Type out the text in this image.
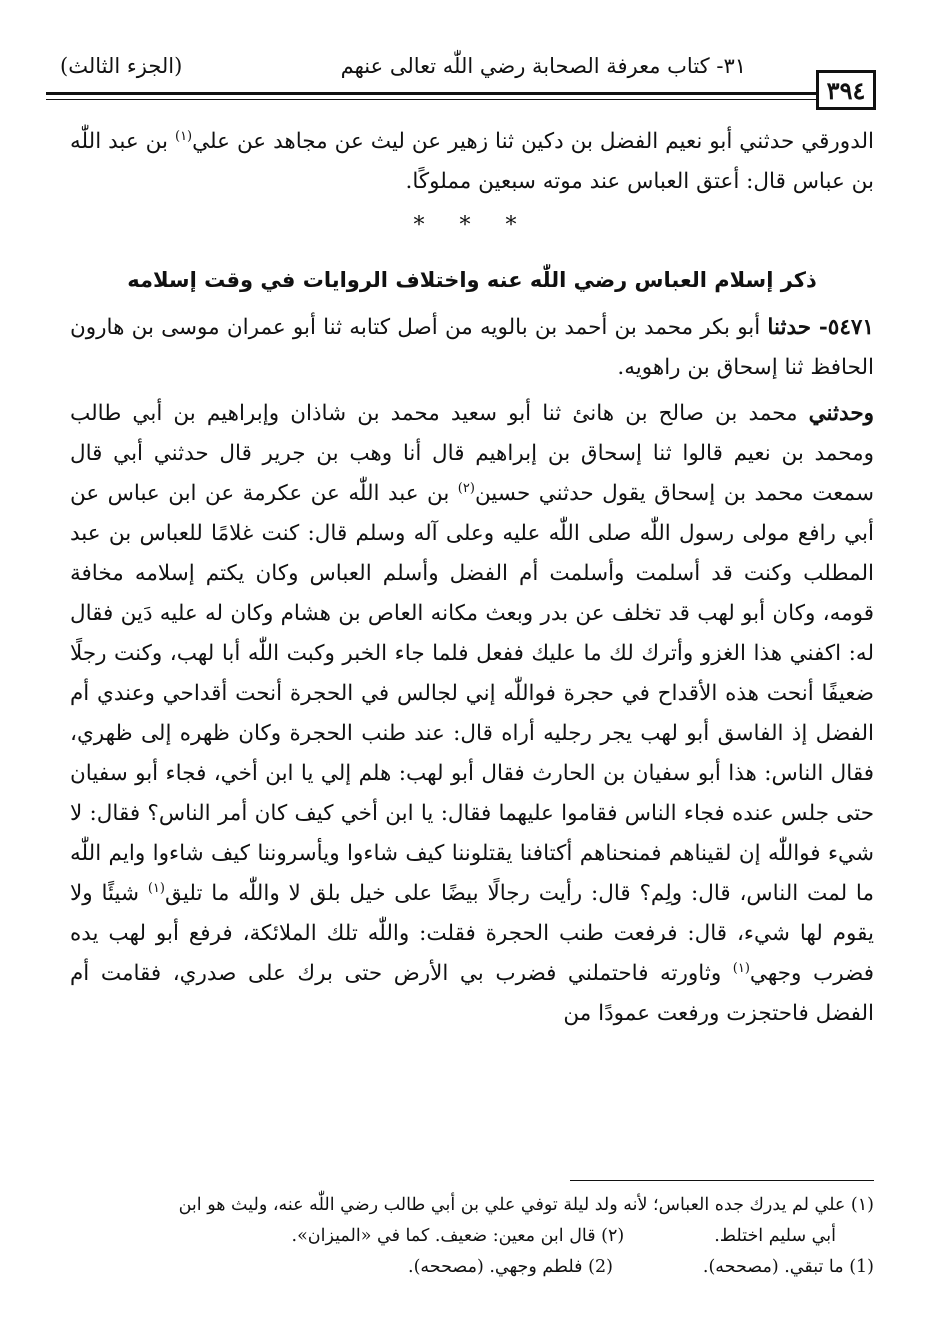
٣٩٤
٣١- كتاب معرفة الصحابة رضي اللّٰه تعالى عنهم
(الجزء الثالث)

الدورقي حدثني أبو نعيم الفضل بن دكين ثنا زهير عن ليث عن مجاهد عن علي$^{(١)}$ بن عبد اللّٰه بن عباس قال: أعتق العباس عند موته سبعين مملوكًا.

* * *

ذكر إسلام العباس رضي اللّٰه عنه واختلاف الروايات في وقت إسلامه

٥٤٧١- حدثنا أبو بكر محمد بن أحمد بن بالويه من أصل كتابه ثنا أبو عمران موسى بن هارون الحافظ ثنا إسحاق بن راهويه.

وحدثني محمد بن صالح بن هانئ ثنا أبو سعيد محمد بن شاذان وإبراهيم بن أبي طالب ومحمد بن نعيم قالوا ثنا إسحاق بن إبراهيم قال أنا وهب بن جرير قال حدثني أبي قال سمعت محمد بن إسحاق يقول حدثني حسين$^{(٢)}$ بن عبد اللّٰه عن عكرمة عن ابن عباس عن أبي رافع مولى رسول اللّٰه صلى اللّٰه عليه وعلى آله وسلم قال: كنت غلامًا للعباس بن عبد المطلب وكنت قد أسلمت وأسلمت أم الفضل وأسلم العباس وكان يكتم إسلامه مخافة قومه، وكان أبو لهب قد تخلف عن بدر وبعث مكانه العاص بن هشام وكان له عليه دَين فقال له: اكفني هذا الغزو وأترك لك ما عليك ففعل فلما جاء الخبر وكبت اللّٰه أبا لهب، وكنت رجلًا ضعيفًا أنحت هذه الأقداح في حجرة فواللّٰه إني لجالس في الحجرة أنحت أقداحي وعندي أم الفضل إذ الفاسق أبو لهب يجر رجليه أراه قال: عند طنب الحجرة وكان ظهره إلى ظهري، فقال الناس: هذا أبو سفيان بن الحارث فقال أبو لهب: هلم إلي يا ابن أخي، فجاء أبو سفيان حتى جلس عنده فجاء الناس فقاموا عليهما فقال: يا ابن أخي كيف كان أمر الناس؟ فقال: لا شيء فواللّٰه إن لقيناهم فمنحناهم أكتافنا يقتلوننا كيف شاءوا ويأسروننا كيف شاءوا وايم اللّٰه ما لمت الناس، قال: ولِم؟ قال: رأيت رجالًا بيضًا على خيل بلق لا واللّٰه ما تليق$^{(١)}$ شيئًا ولا يقوم لها شيء، قال: فرفعت طنب الحجرة فقلت: واللّٰه تلك الملائكة، فرفع أبو لهب يده فضرب وجهي$^{(١)}$ وثاورته فاحتملني فضرب بي الأرض حتى برك على صدري، فقامت أم الفضل فاحتجزت ورفعت عمودًا من

(١) علي لم يدرك جده العباس؛ لأنه ولد ليلة توفي علي بن أبي طالب رضي اللّٰه عنه، وليث هو ابن
أبي سليم اختلط.
(٢) قال ابن معين: ضعيف. كما في «الميزان».
(1) ما تبقي. (مصححه).
(2) فلطم وجهي. (مصححه).
